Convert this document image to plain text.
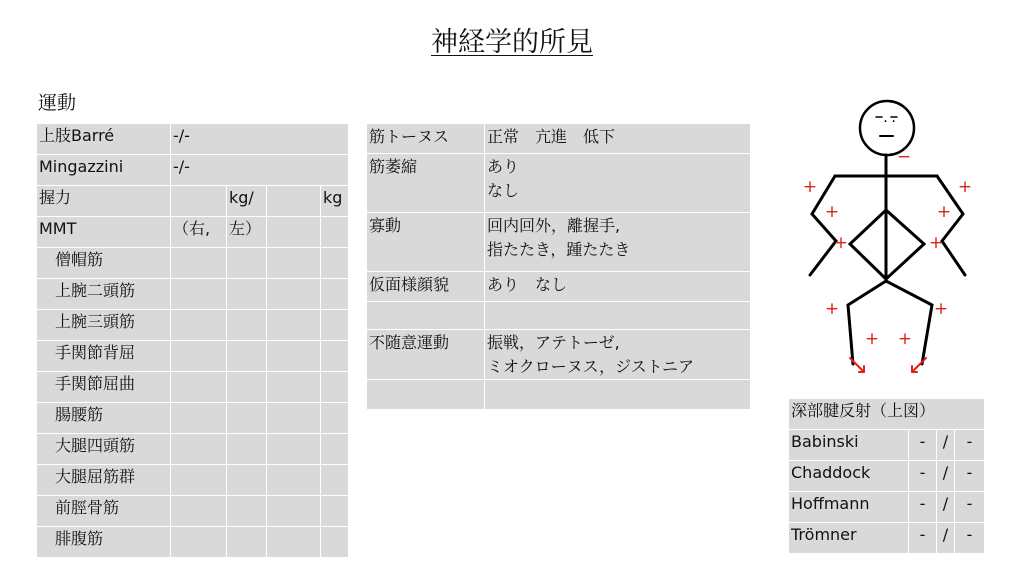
神経学的所見
運動
上肢Barré	-/-			
Mingazzini	-/-			
握力		kg/		kg
MMT	（右,	左）		
僧帽筋				
上腕二頭筋				
上腕三頭筋				
手関節背屈				
手関節屈曲				
腸腰筋				
大腿四頭筋				
大腿屈筋群				
前脛骨筋				
腓腹筋				
筋トーヌス	正常　亢進　低下
筋萎縮	あり
なし

寡動	回内回外，離握手,
指たたき，踵たたき

仮面様顔貌	あり　なし

不随意運動	振戦，アテトーゼ,
ミオクローヌス，ジストニア

･ ･
−
+	+
+	+
+	+
+	+
+ +
深部腱反射（上図）			
Babinski	-	/	-
Chaddock	-	/	-
Hoffmann	-	/	-
Trömner	-	/	-
